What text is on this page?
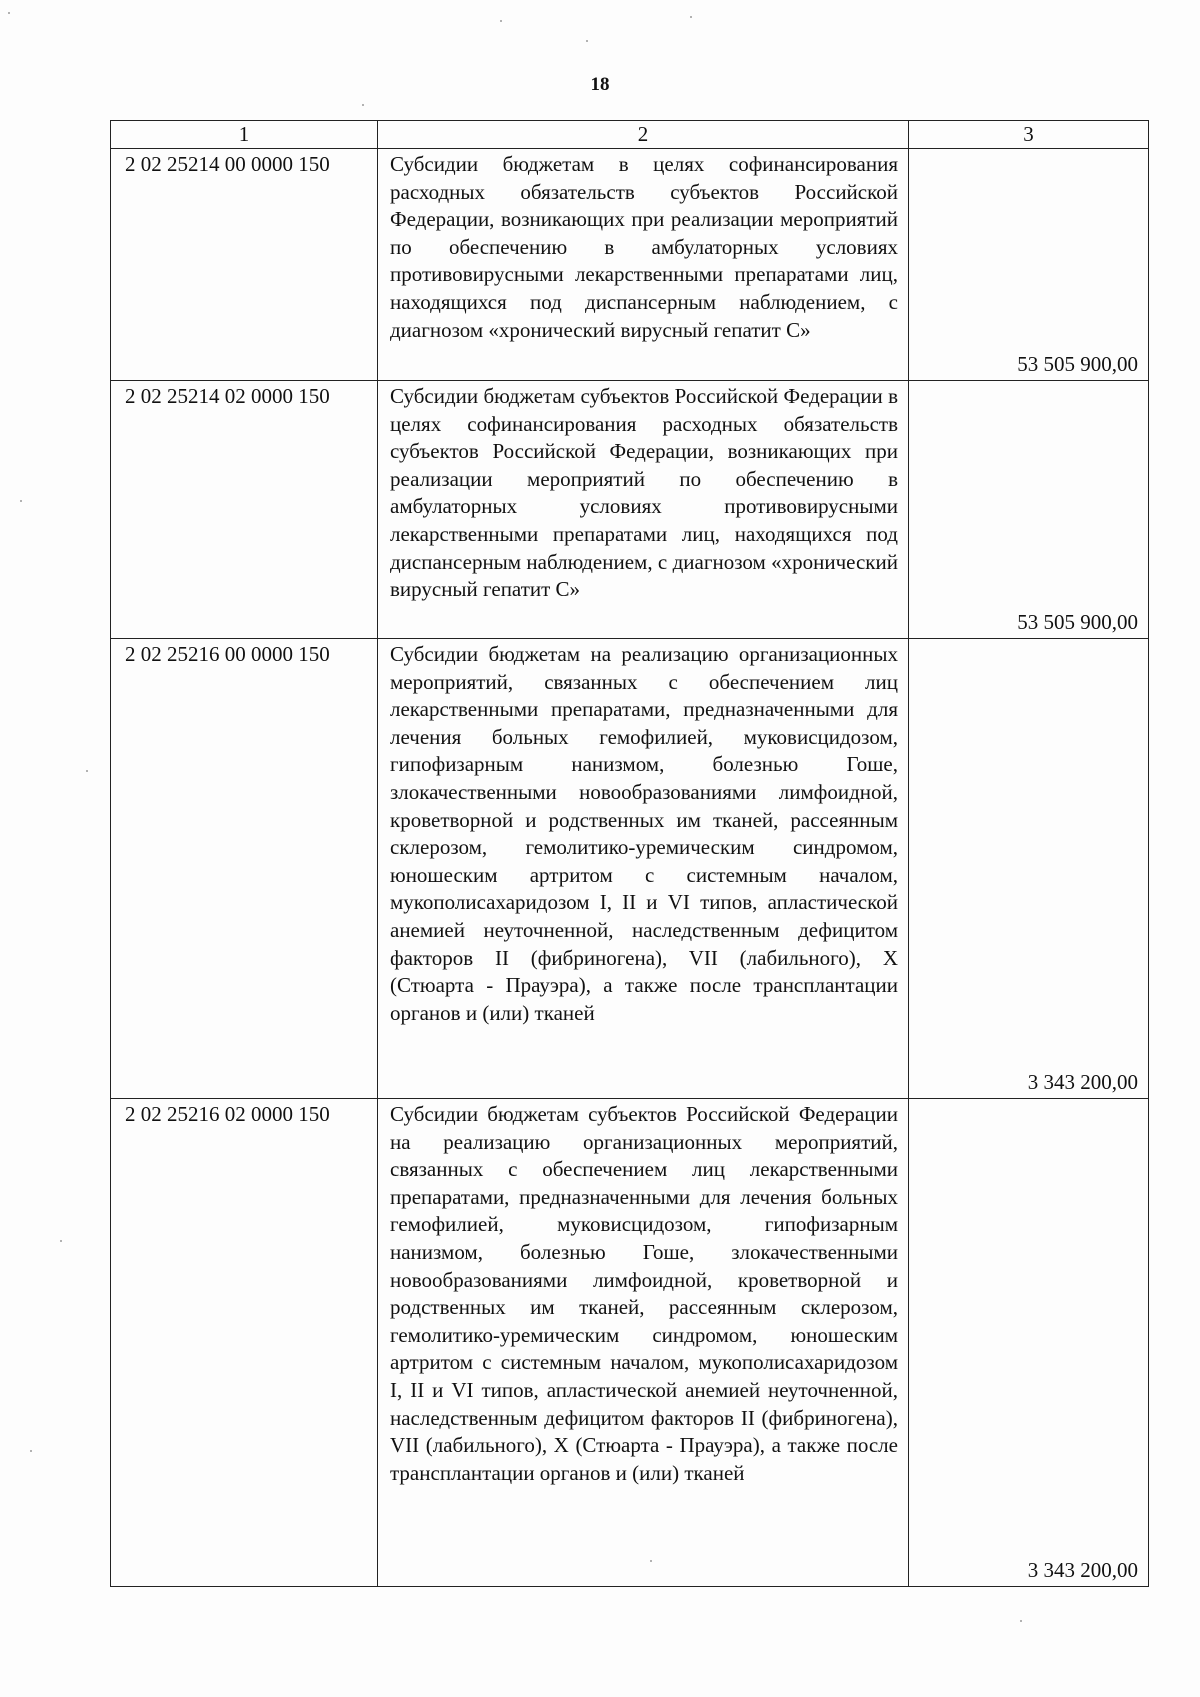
18
1	2	3
2 02 25214 00 0000 150	Субсидии бюджетам в целях софинансирования расходных обязательств субъектов Российской Федерации, возникающих при реализации мероприятий по обеспечению в амбулаторных условиях противовирусными лекарственными препаратами лиц, находящихся под диспансерным наблюдением, с диагнозом «хронический вирусный гепатит С»	53 505 900,00
2 02 25214 02 0000 150	Субсидии бюджетам субъектов Российской Федерации в целях софинансирования расходных обязательств субъектов Российской Федерации, возникающих при реализации мероприятий по обеспечению в амбулаторных условиях противовирусными лекарственными препаратами лиц, находящихся под диспансерным наблюдением, с диагнозом «хронический вирусный гепатит С»	53 505 900,00
2 02 25216 00 0000 150	Субсидии бюджетам на реализацию организационных мероприятий, связанных с обеспечением лиц лекарственными препаратами, предназначенными для лечения больных гемофилией, муковисцидозом, гипофизарным нанизмом, болезнью Гоше, злокачественными новообразованиями лимфоидной, кроветворной и родственных им тканей, рассеянным склерозом, гемолитико-уремическим синдромом, юношеским артритом с системным началом, мукополисахаридозом I, II и VI типов, апластической анемией неуточненной, наследственным дефицитом факторов II (фибриногена), VII (лабильного), X (Стюарта - Прауэра), а также после трансплантации органов и (или) тканей	3 343 200,00
2 02 25216 02 0000 150	Субсидии бюджетам субъектов Российской Федерации на реализацию организационных мероприятий, связанных с обеспечением лиц лекарственными препаратами, предназначенными для лечения больных гемофилией, муковисцидозом, гипофизарным нанизмом, болезнью Гоше, злокачественными новообразованиями лимфоидной, кроветворной и родственных им тканей, рассеянным склерозом, гемолитико-уремическим синдромом, юношеским артритом с системным началом, мукополисахаридозом I, II и VI типов, апластической анемией неуточненной, наследственным дефицитом факторов II (фибриногена), VII (лабильного), X (Стюарта - Прауэра), а также после трансплантации органов и (или) тканей	3 343 200,00
